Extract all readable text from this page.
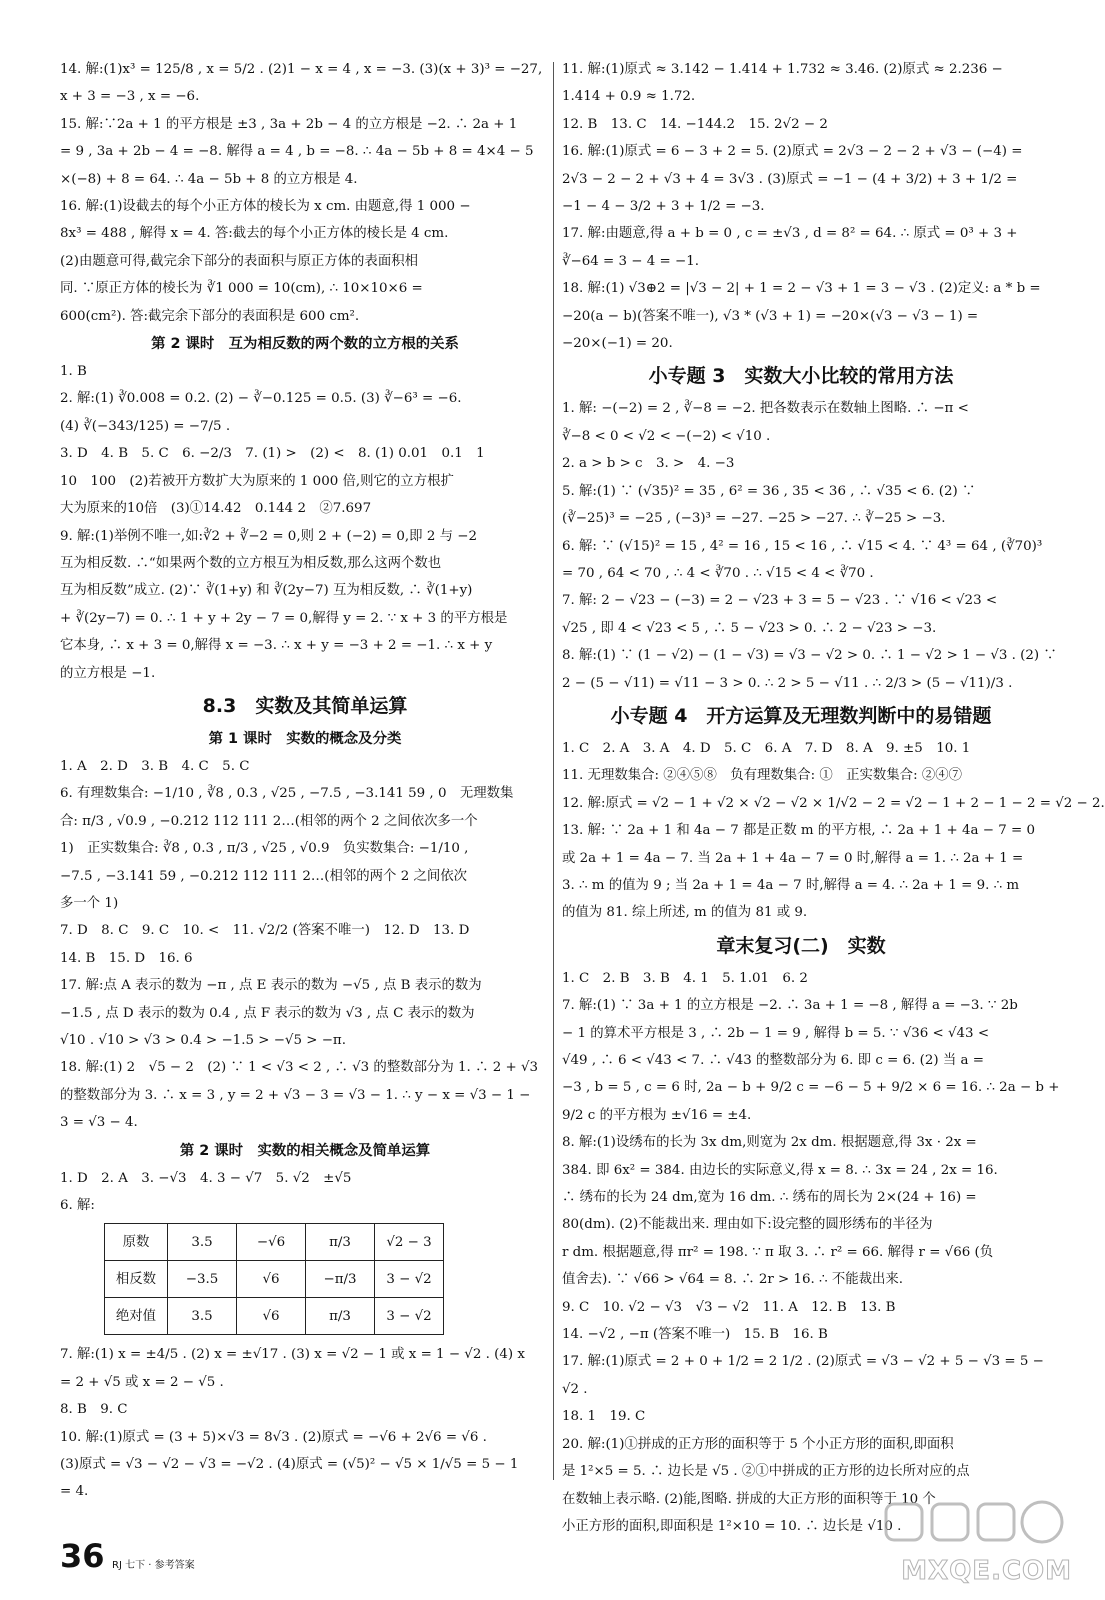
14. 解:(1)x³ = 125/8 , x = 5/2 . (2)1 − x = 4 , x = −3. (3)(x + 3)³ = −27,
x + 3 = −3 , x = −6.
15. 解:∵2a + 1 的平方根是 ±3 , 3a + 2b − 4 的立方根是 −2. ∴ 2a + 1
= 9 , 3a + 2b − 4 = −8. 解得 a = 4 , b = −8. ∴ 4a − 5b + 8 = 4×4 − 5
×(−8) + 8 = 64. ∴ 4a − 5b + 8 的立方根是 4.
16. 解:(1)设截去的每个小正方体的棱长为 x cm. 由题意,得 1 000 −
8x³ = 488 , 解得 x = 4. 答:截去的每个小正方体的棱长是 4 cm.
(2)由题意可得,截完余下部分的表面积与原正方体的表面积相
同. ∵原正方体的棱长为 ∛1 000 = 10(cm), ∴ 10×10×6 =
600(cm²). 答:截完余下部分的表面积是 600 cm².
第 2 课时　互为相反数的两个数的立方根的关系
1. B
2. 解:(1) ∛0.008 = 0.2. (2) − ∛−0.125 = 0.5. (3) ∛−6³ = −6.
(4) ∛(−343/125) = −7/5 .
3. D　4. B　5. C　6. −2/3　7. (1) >　(2) <　8. (1) 0.01　0.1　1
10　100　(2)若被开方数扩大为原来的 1 000 倍,则它的立方根扩
大为原来的10倍　(3)①14.42　0.144 2　②7.697
9. 解:(1)举例不唯一,如:∛2 + ∛−2 = 0,则 2 + (−2) = 0,即 2 与 −2
互为相反数. ∴“如果两个数的立方根互为相反数,那么这两个数也
互为相反数”成立. (2)∵ ∛(1+y) 和 ∛(2y−7) 互为相反数, ∴ ∛(1+y)
+ ∛(2y−7) = 0. ∴ 1 + y + 2y − 7 = 0,解得 y = 2. ∵ x + 3 的平方根是
它本身, ∴ x + 3 = 0,解得 x = −3. ∴ x + y = −3 + 2 = −1. ∴ x + y
的立方根是 −1.
8.3　实数及其简单运算
第 1 课时　实数的概念及分类
1. A　2. D　3. B　4. C　5. C
6. 有理数集合: −1/10 , ∛8 , 0.3 , √25 , −7.5̇ , −3.141 59 , 0　无理数集
合: π/3 , √0.9 , −0.212 112 111 2…(相邻的两个 2 之间依次多一个
1)　正实数集合: ∛8 , 0.3 , π/3 , √25 , √0.9　负实数集合: −1/10 ,
−7.5̇ , −3.141 59 , −0.212 112 111 2…(相邻的两个 2 之间依次
多一个 1)
7. D　8. C　9. C　10. <　11. √2/2 (答案不唯一)　12. D　13. D
14. B　15. D　16. 6
17. 解:点 A 表示的数为 −π , 点 E 表示的数为 −√5 , 点 B 表示的数为
−1.5 , 点 D 表示的数为 0.4 , 点 F 表示的数为 √3 , 点 C 表示的数为
√10 . √10 > √3 > 0.4 > −1.5 > −√5 > −π.
18. 解:(1) 2　√5 − 2　(2) ∵ 1 < √3 < 2 , ∴ √3 的整数部分为 1. ∴ 2 + √3
的整数部分为 3. ∴ x = 3 , y = 2 + √3 − 3 = √3 − 1. ∴ y − x = √3 − 1 −
3 = √3 − 4.
第 2 课时　实数的相关概念及简单运算
1. D　2. A　3. −√3　4. 3 − √7　5. √2　±√5
6. 解:
原数	3.5	−√6	π/3	√2 − 3
相反数	−3.5	√6	−π/3	3 − √2
绝对值	3.5	√6	π/3	3 − √2
7. 解:(1) x = ±4/5 . (2) x = ±√17 . (3) x = √2 − 1 或 x = 1 − √2 . (4) x
= 2 + √5 或 x = 2 − √5 .
8. B　9. C
10. 解:(1)原式 = (3 + 5)×√3 = 8√3 . (2)原式 = −√6 + 2√6 = √6 .
(3)原式 = √3 − √2 − √3 = −√2 . (4)原式 = (√5)² − √5 × 1/√5 = 5 − 1
= 4.
11. 解:(1)原式 ≈ 3.142 − 1.414 + 1.732 ≈ 3.46. (2)原式 ≈ 2.236 −
1.414 + 0.9 ≈ 1.72.
12. B　13. C　14. −144.2　15. 2√2 − 2
16. 解:(1)原式 = 6 − 3 + 2 = 5. (2)原式 = 2√3 − 2 − 2 + √3 − (−4) =
2√3 − 2 − 2 + √3 + 4 = 3√3 . (3)原式 = −1 − (4 + 3/2) + 3 + 1/2 =
−1 − 4 − 3/2 + 3 + 1/2 = −3.
17. 解:由题意,得 a + b = 0 , c = ±√3 , d = 8² = 64. ∴ 原式 = 0³ + 3 +
∛−64 = 3 − 4 = −1.
18. 解:(1) √3⊕2 = |√3 − 2| + 1 = 2 − √3 + 1 = 3 − √3 . (2)定义: a * b =
−20(a − b)(答案不唯一), √3 * (√3 + 1) = −20×(√3 − √3 − 1) =
−20×(−1) = 20.
小专题 3　实数大小比较的常用方法
1. 解: −(−2) = 2 , ∛−8 = −2. 把各数表示在数轴上图略. ∴ −π <
∛−8 < 0 < √2 < −(−2) < √10 .
2. a > b > c　3. >　4. −3
5. 解:(1) ∵ (√35)² = 35 , 6² = 36 , 35 < 36 , ∴ √35 < 6. (2) ∵
(∛−25)³ = −25 , (−3)³ = −27. −25 > −27. ∴ ∛−25 > −3.
6. 解: ∵ (√15)² = 15 , 4² = 16 , 15 < 16 , ∴ √15 < 4. ∵ 4³ = 64 , (∛70)³
= 70 , 64 < 70 , ∴ 4 < ∛70 . ∴ √15 < 4 < ∛70 .
7. 解: 2 − √23 − (−3) = 2 − √23 + 3 = 5 − √23 . ∵ √16 < √23 <
√25 , 即 4 < √23 < 5 , ∴ 5 − √23 > 0. ∴ 2 − √23 > −3.
8. 解:(1) ∵ (1 − √2) − (1 − √3) = √3 − √2 > 0. ∴ 1 − √2 > 1 − √3 . (2) ∵
2 − (5 − √11) = √11 − 3 > 0. ∴ 2 > 5 − √11 . ∴ 2/3 > (5 − √11)/3 .
小专题 4　开方运算及无理数判断中的易错题
1. C　2. A　3. A　4. D　5. C　6. A　7. D　8. A　9. ±5　10. 1
11. 无理数集合: ②④⑤⑧　负有理数集合: ①　正实数集合: ②④⑦
12. 解:原式 = √2 − 1 + √2 × √2 − √2 × 1/√2 − 2 = √2 − 1 + 2 − 1 − 2 = √2 − 2.
13. 解: ∵ 2a + 1 和 4a − 7 都是正数 m 的平方根, ∴ 2a + 1 + 4a − 7 = 0
或 2a + 1 = 4a − 7. 当 2a + 1 + 4a − 7 = 0 时,解得 a = 1. ∴ 2a + 1 =
3. ∴ m 的值为 9 ; 当 2a + 1 = 4a − 7 时,解得 a = 4. ∴ 2a + 1 = 9. ∴ m
的值为 81. 综上所述, m 的值为 81 或 9.
章末复习(二)　实数
1. C　2. B　3. B　4. 1　5. 1.01　6. 2
7. 解:(1) ∵ 3a + 1 的立方根是 −2. ∴ 3a + 1 = −8 , 解得 a = −3. ∵ 2b
− 1 的算术平方根是 3 , ∴ 2b − 1 = 9 , 解得 b = 5. ∵ √36 < √43 <
√49 , ∴ 6 < √43 < 7. ∴ √43 的整数部分为 6. 即 c = 6. (2) 当 a =
−3 , b = 5 , c = 6 时, 2a − b + 9/2 c = −6 − 5 + 9/2 × 6 = 16. ∴ 2a − b +
9/2 c 的平方根为 ±√16 = ±4.
8. 解:(1)设绣布的长为 3x dm,则宽为 2x dm. 根据题意,得 3x · 2x =
384. 即 6x² = 384. 由边长的实际意义,得 x = 8. ∴ 3x = 24 , 2x = 16.
∴ 绣布的长为 24 dm,宽为 16 dm. ∴ 绣布的周长为 2×(24 + 16) =
80(dm). (2)不能裁出来. 理由如下:设完整的圆形绣布的半径为
r dm. 根据题意,得 πr² = 198. ∵ π 取 3. ∴ r² = 66. 解得 r = √66 (负
值舍去). ∵ √66 > √64 = 8. ∴ 2r > 16. ∴ 不能裁出来.
9. C　10. √2 − √3　√3 − √2　11. A　12. B　13. B
14. −√2 , −π (答案不唯一)　15. B　16. B
17. 解:(1)原式 = 2 + 0 + 1/2 = 2 1/2 . (2)原式 = √3 − √2 + 5 − √3 = 5 −
√2 .
18. 1　19. C
20. 解:(1)①拼成的正方形的面积等于 5 个小正方形的面积,即面积
是 1²×5 = 5. ∴ 边长是 √5 . ②①中拼成的正方形的边长所对应的点
在数轴上表示略. (2)能,图略. 拼成的大正方形的面积等于 10 个
小正方形的面积,即面积是 1²×10 = 10. ∴ 边长是 √10 .
36 RJ 七下 · 参考答案	MXQE.COM
